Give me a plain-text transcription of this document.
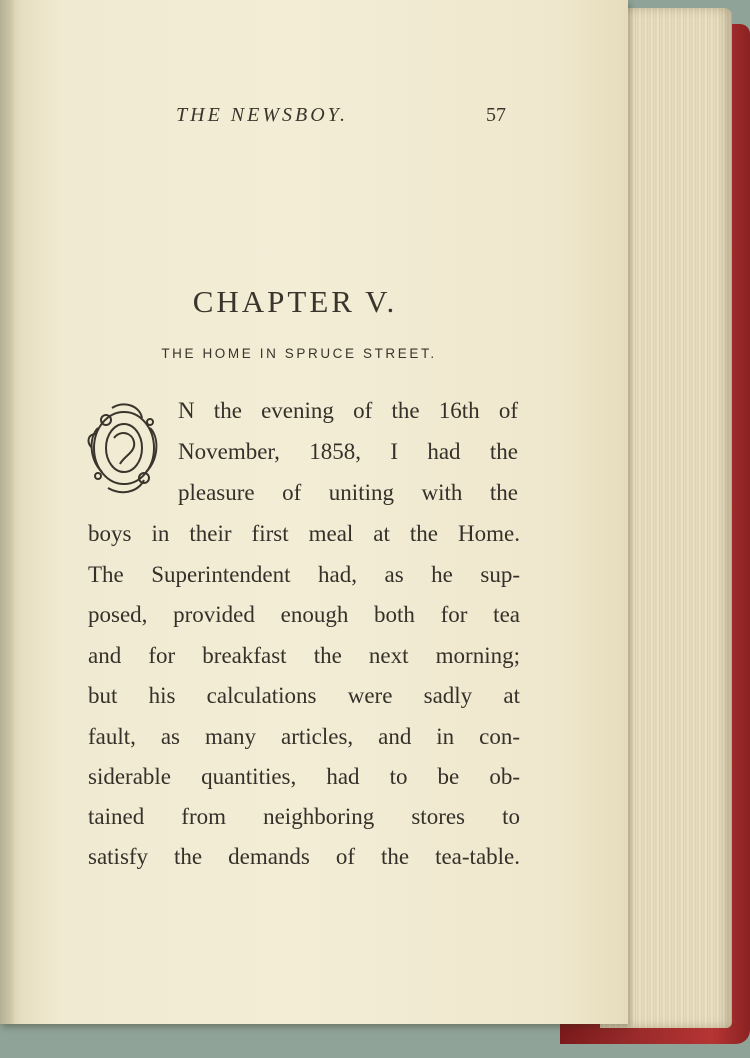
THE NEWSBOY.	57
CHAPTER V.
THE HOME IN SPRUCE STREET.
N the evening of the 16th of
November, 1858, I had the
pleasure of uniting with the
boys in their first meal at the Home.
The Superintendent had, as he sup-
posed, provided enough both for tea
and for breakfast the next morning;
but his calculations were sadly at
fault, as many articles, and in con-
siderable quantities, had to be ob-
tained from neighboring stores to
satisfy the demands of the tea-table.
